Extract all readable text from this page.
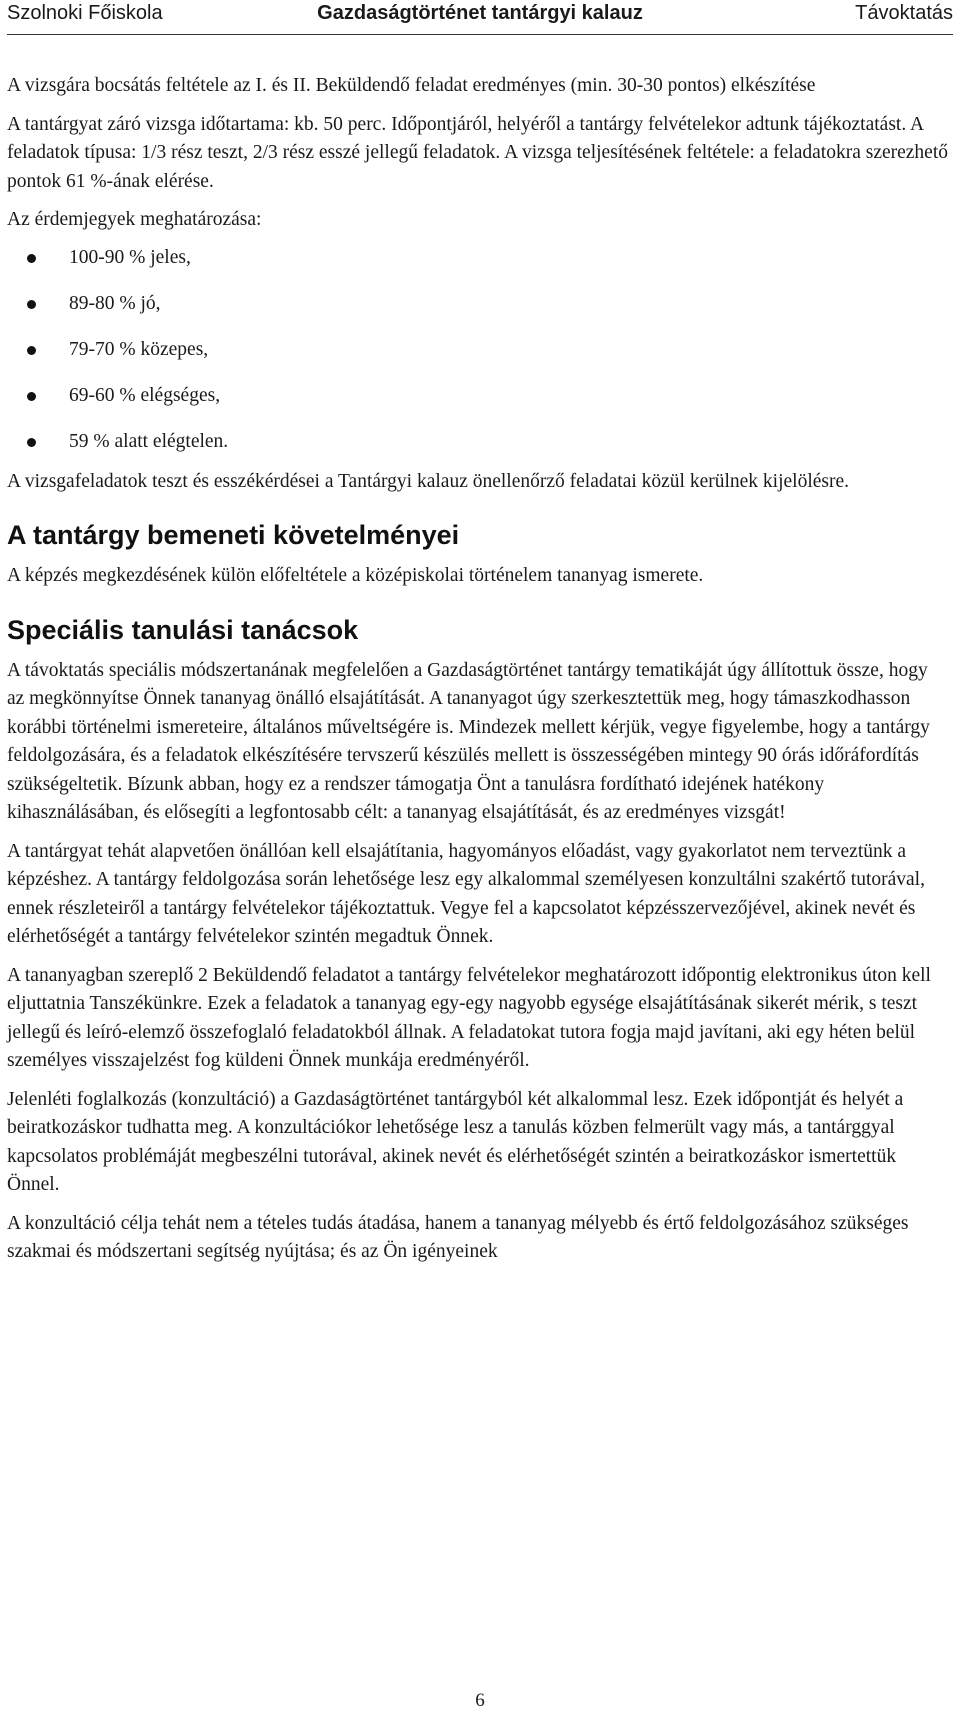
Gazdaságtörténet tantárgyi kalauz
Szolnoki Főiskola	Távoktatás

A vizsgára bocsátás feltétele az I. és II. Beküldendő feladat eredményes (min. 30-30 pontos) elkészítése

A tantárgyat záró vizsga időtartama: kb. 50 perc. Időpontjáról, helyéről a tantárgy felvételekor adtunk tájékoztatást. A feladatok típusa: 1/3 rész teszt, 2/3 rész esszé jellegű feladatok. A vizsga teljesítésének feltétele: a feladatokra szerezhető pontok 61 %-ának elérése.

Az érdemjegyek meghatározása:

100-90 % jeles,
89-80 % jó,
79-70 % közepes,
69-60 % elégséges,
59 % alatt elégtelen.

A vizsgafeladatok teszt és esszékérdései a Tantárgyi kalauz önellenőrző feladatai közül kerülnek kijelölésre.

A tantárgy bemeneti követelményei

A képzés megkezdésének külön előfeltétele a középiskolai történelem tananyag ismerete.

Speciális tanulási tanácsok

A távoktatás speciális módszertanának megfelelően a Gazdaságtörténet tantárgy tematikáját úgy állítottuk össze, hogy az megkönnyítse Önnek tananyag önálló elsajátítását. A tananyagot úgy szerkesztettük meg, hogy támaszkodhasson korábbi történelmi ismereteire, általános műveltségére is. Mindezek mellett kérjük, vegye figyelembe, hogy a tantárgy feldolgozására, és a feladatok elkészítésére tervszerű készülés mellett is összességében mintegy 90 órás időráfordítás szükségeltetik. Bízunk abban, hogy ez a rendszer támogatja Önt a tanulásra fordítható idejének hatékony kihasználásában, és elősegíti a legfontosabb célt: a tananyag elsajátítását, és az eredményes vizsgát!

A tantárgyat tehát alapvetően önállóan kell elsajátítania, hagyományos előadást, vagy gyakorlatot nem terveztünk a képzéshez. A tantárgy feldolgozása során lehetősége lesz egy alkalommal személyesen konzultálni szakértő tutorával, ennek részleteiről a tantárgy felvételekor tájékoztattuk. Vegye fel a kapcsolatot képzésszervezőjével, akinek nevét és elérhetőségét a tantárgy felvételekor szintén megadtuk Önnek.

A tananyagban szereplő 2 Beküldendő feladatot a tantárgy felvételekor meghatározott időpontig elektronikus úton kell eljuttatnia Tanszékünkre. Ezek a feladatok a tananyag egy-egy nagyobb egysége elsajátításának sikerét mérik, s teszt jellegű és leíró-elemző összefoglaló feladatokból állnak. A feladatokat tutora fogja majd javítani, aki egy héten belül személyes visszajelzést fog küldeni Önnek munkája eredményéről.

Jelenléti foglalkozás (konzultáció) a Gazdaságtörténet tantárgyból két alkalommal lesz. Ezek időpontját és helyét a beiratkozáskor tudhatta meg. A konzultációkor lehetősége lesz a tanulás közben felmerült vagy más, a tantárggyal kapcsolatos problémáját megbeszélni tutorával, akinek nevét és elérhetőségét szintén a beiratkozáskor ismertettük Önnel.

A konzultáció célja tehát nem a tételes tudás átadása, hanem a tananyag mélyebb és értő feldolgozásához szükséges szakmai és módszertani segítség nyújtása; és az Ön igényeinek

6
